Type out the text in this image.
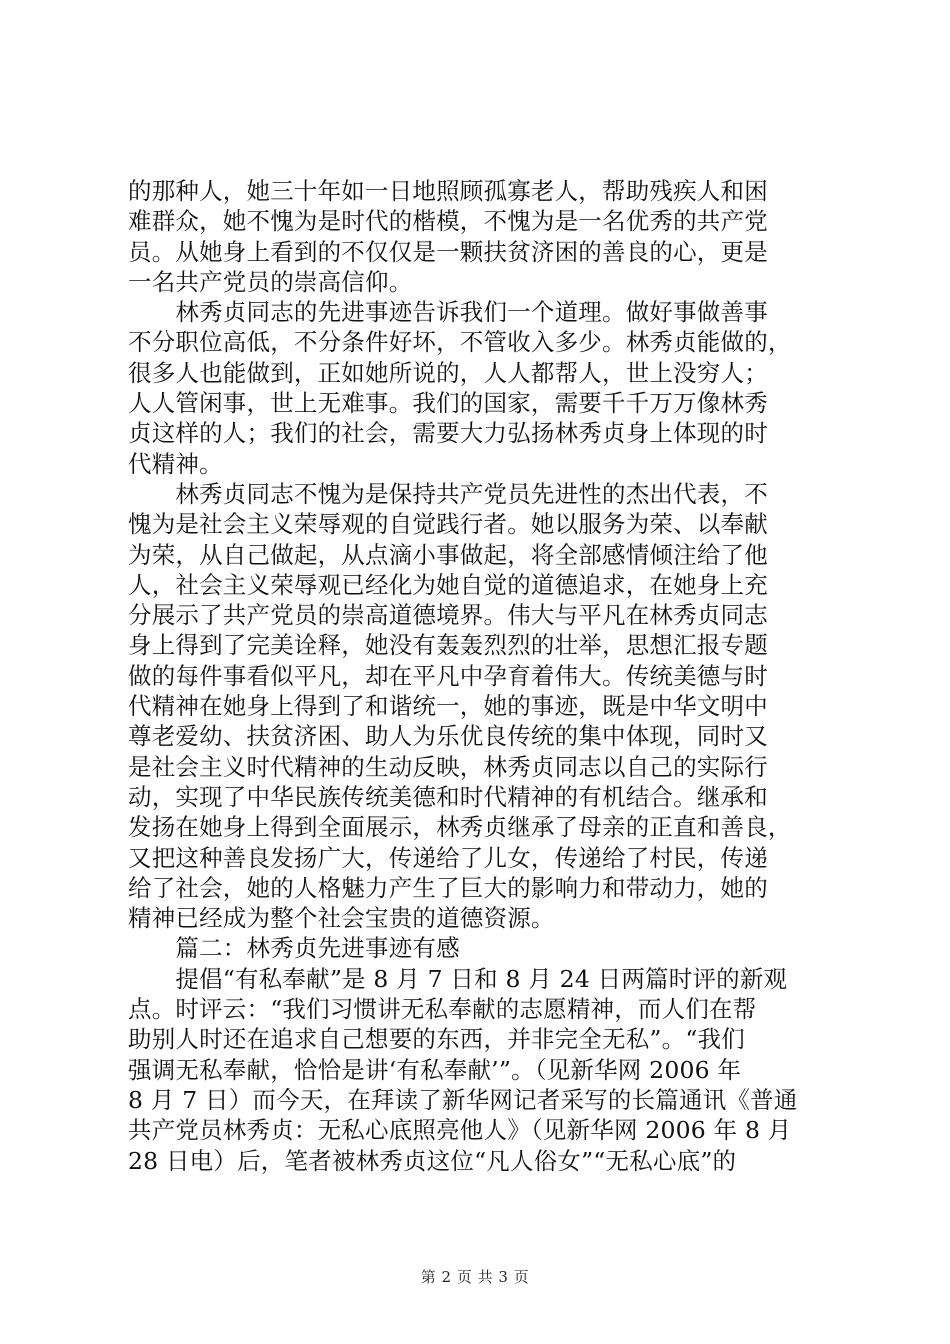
的那种人，她三十年如一日地照顾孤寡老人，帮助残疾人和困
难群众，她不愧为是时代的楷模，不愧为是一名优秀的共产党
员。从她身上看到的不仅仅是一颗扶贫济困的善良的心，更是
一名共产党员的崇高信仰。
　　林秀贞同志的先进事迹告诉我们一个道理。做好事做善事
不分职位高低，不分条件好坏，不管收入多少。林秀贞能做的，
很多人也能做到，正如她所说的，人人都帮人，世上没穷人；
人人管闲事，世上无难事。我们的国家，需要千千万万像林秀
贞这样的人；我们的社会，需要大力弘扬林秀贞身上体现的时
代精神。
　　林秀贞同志不愧为是保持共产党员先进性的杰出代表，不
愧为是社会主义荣辱观的自觉践行者。她以服务为荣、以奉献
为荣，从自己做起，从点滴小事做起，将全部感情倾注给了他
人，社会主义荣辱观已经化为她自觉的道德追求，在她身上充
分展示了共产党员的崇高道德境界。伟大与平凡在林秀贞同志
身上得到了完美诠释，她没有轰轰烈烈的壮举，思想汇报专题
做的每件事看似平凡，却在平凡中孕育着伟大。传统美德与时
代精神在她身上得到了和谐统一，她的事迹，既是中华文明中
尊老爱幼、扶贫济困、助人为乐优良传统的集中体现，同时又
是社会主义时代精神的生动反映，林秀贞同志以自己的实际行
动，实现了中华民族传统美德和时代精神的有机结合。继承和
发扬在她身上得到全面展示，林秀贞继承了母亲的正直和善良，
又把这种善良发扬广大，传递给了儿女，传递给了村民，传递
给了社会，她的人格魅力产生了巨大的影响力和带动力，她的
精神已经成为整个社会宝贵的道德资源。
　　篇二：林秀贞先进事迹有感
　　提倡“有私奉献”是 8 月 7 日和 8 月 24 日两篇时评的新观
点。时评云：“我们习惯讲无私奉献的志愿精神，而人们在帮
助别人时还在追求自己想要的东西，并非完全无私”。“我们
强调无私奉献，恰恰是讲‘有私奉献’”。（见新华网 2006 年
8 月 7 日）而今天，在拜读了新华网记者采写的长篇通讯《普通
共产党员林秀贞：无私心底照亮他人》（见新华网 2006 年 8 月
28 日电）后，笔者被林秀贞这位“凡人俗女”“无私心底”的
第 2 页 共 3 页
